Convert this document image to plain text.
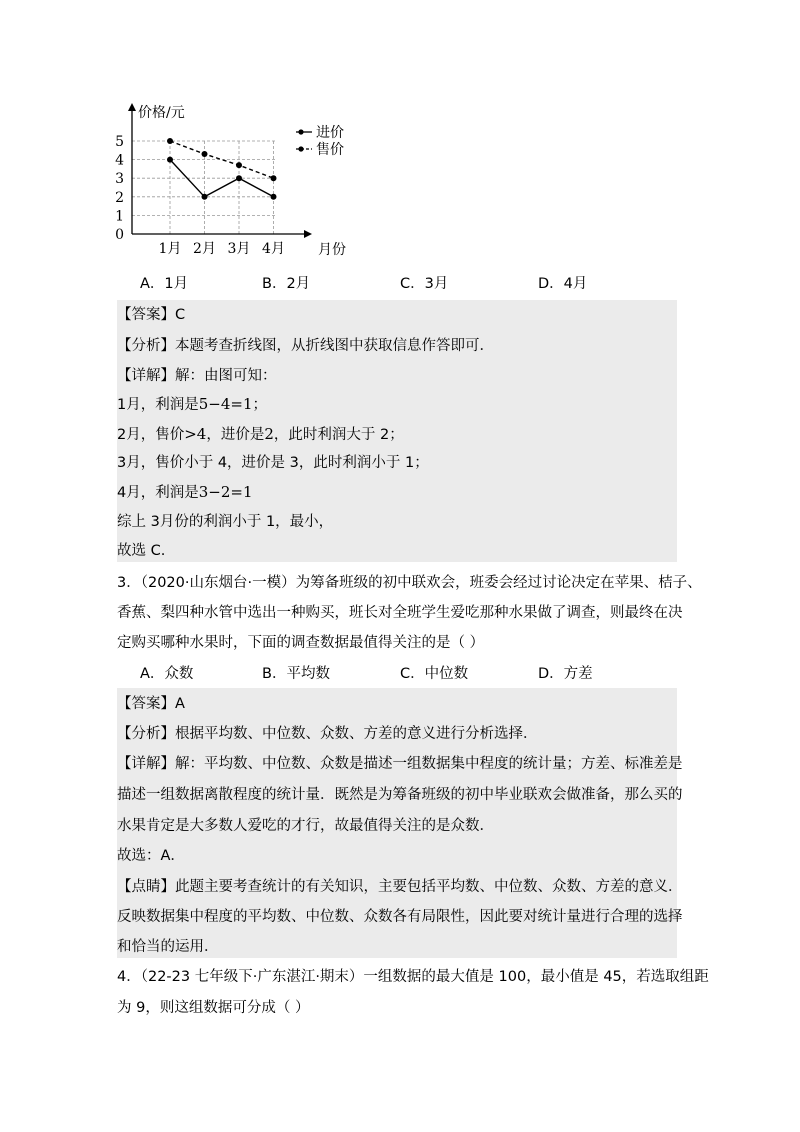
0
1
2
3
4
5
1月 2月 3月 4月
价格/元
月份
进价
售价
A．1月	B．2月	C．3月	D．4月
【答案】C
【分析】本题考查折线图，从折线图中获取信息作答即可．
【详解】解：由图可知：
1月，利润是5−4=1；
2月，售价>4，进价是2，此时利润大于 2；
3月，售价小于 4，进价是 3，此时利润小于 1；
4月，利润是3−2=1
综上 3月份的利润小于 1，最小，
故选 C.
3．（2020·山东烟台·一模）为筹备班级的初中联欢会，班委会经过讨论决定在苹果、桔子、
香蕉、梨四种水管中选出一种购买，班长对全班学生爱吃那种水果做了调查，则最终在决
定购买哪种水果时，下面的调查数据最值得关注的是（ ）
A．众数	B．平均数	C．中位数	D．方差
【答案】A
【分析】根据平均数、中位数、众数、方差的意义进行分析选择．
【详解】解：平均数、中位数、众数是描述一组数据集中程度的统计量；方差、标准差是
描述一组数据离散程度的统计量．既然是为筹备班级的初中毕业联欢会做准备，那么买的
水果肯定是大多数人爱吃的才行，故最值得关注的是众数．
故选：A．
【点睛】此题主要考查统计的有关知识，主要包括平均数、中位数、众数、方差的意义．
反映数据集中程度的平均数、中位数、众数各有局限性，因此要对统计量进行合理的选择
和恰当的运用．
4．（22-23 七年级下·广东湛江·期末）一组数据的最大值是 100，最小值是 45，若选取组距
为 9，则这组数据可分成（ ）
